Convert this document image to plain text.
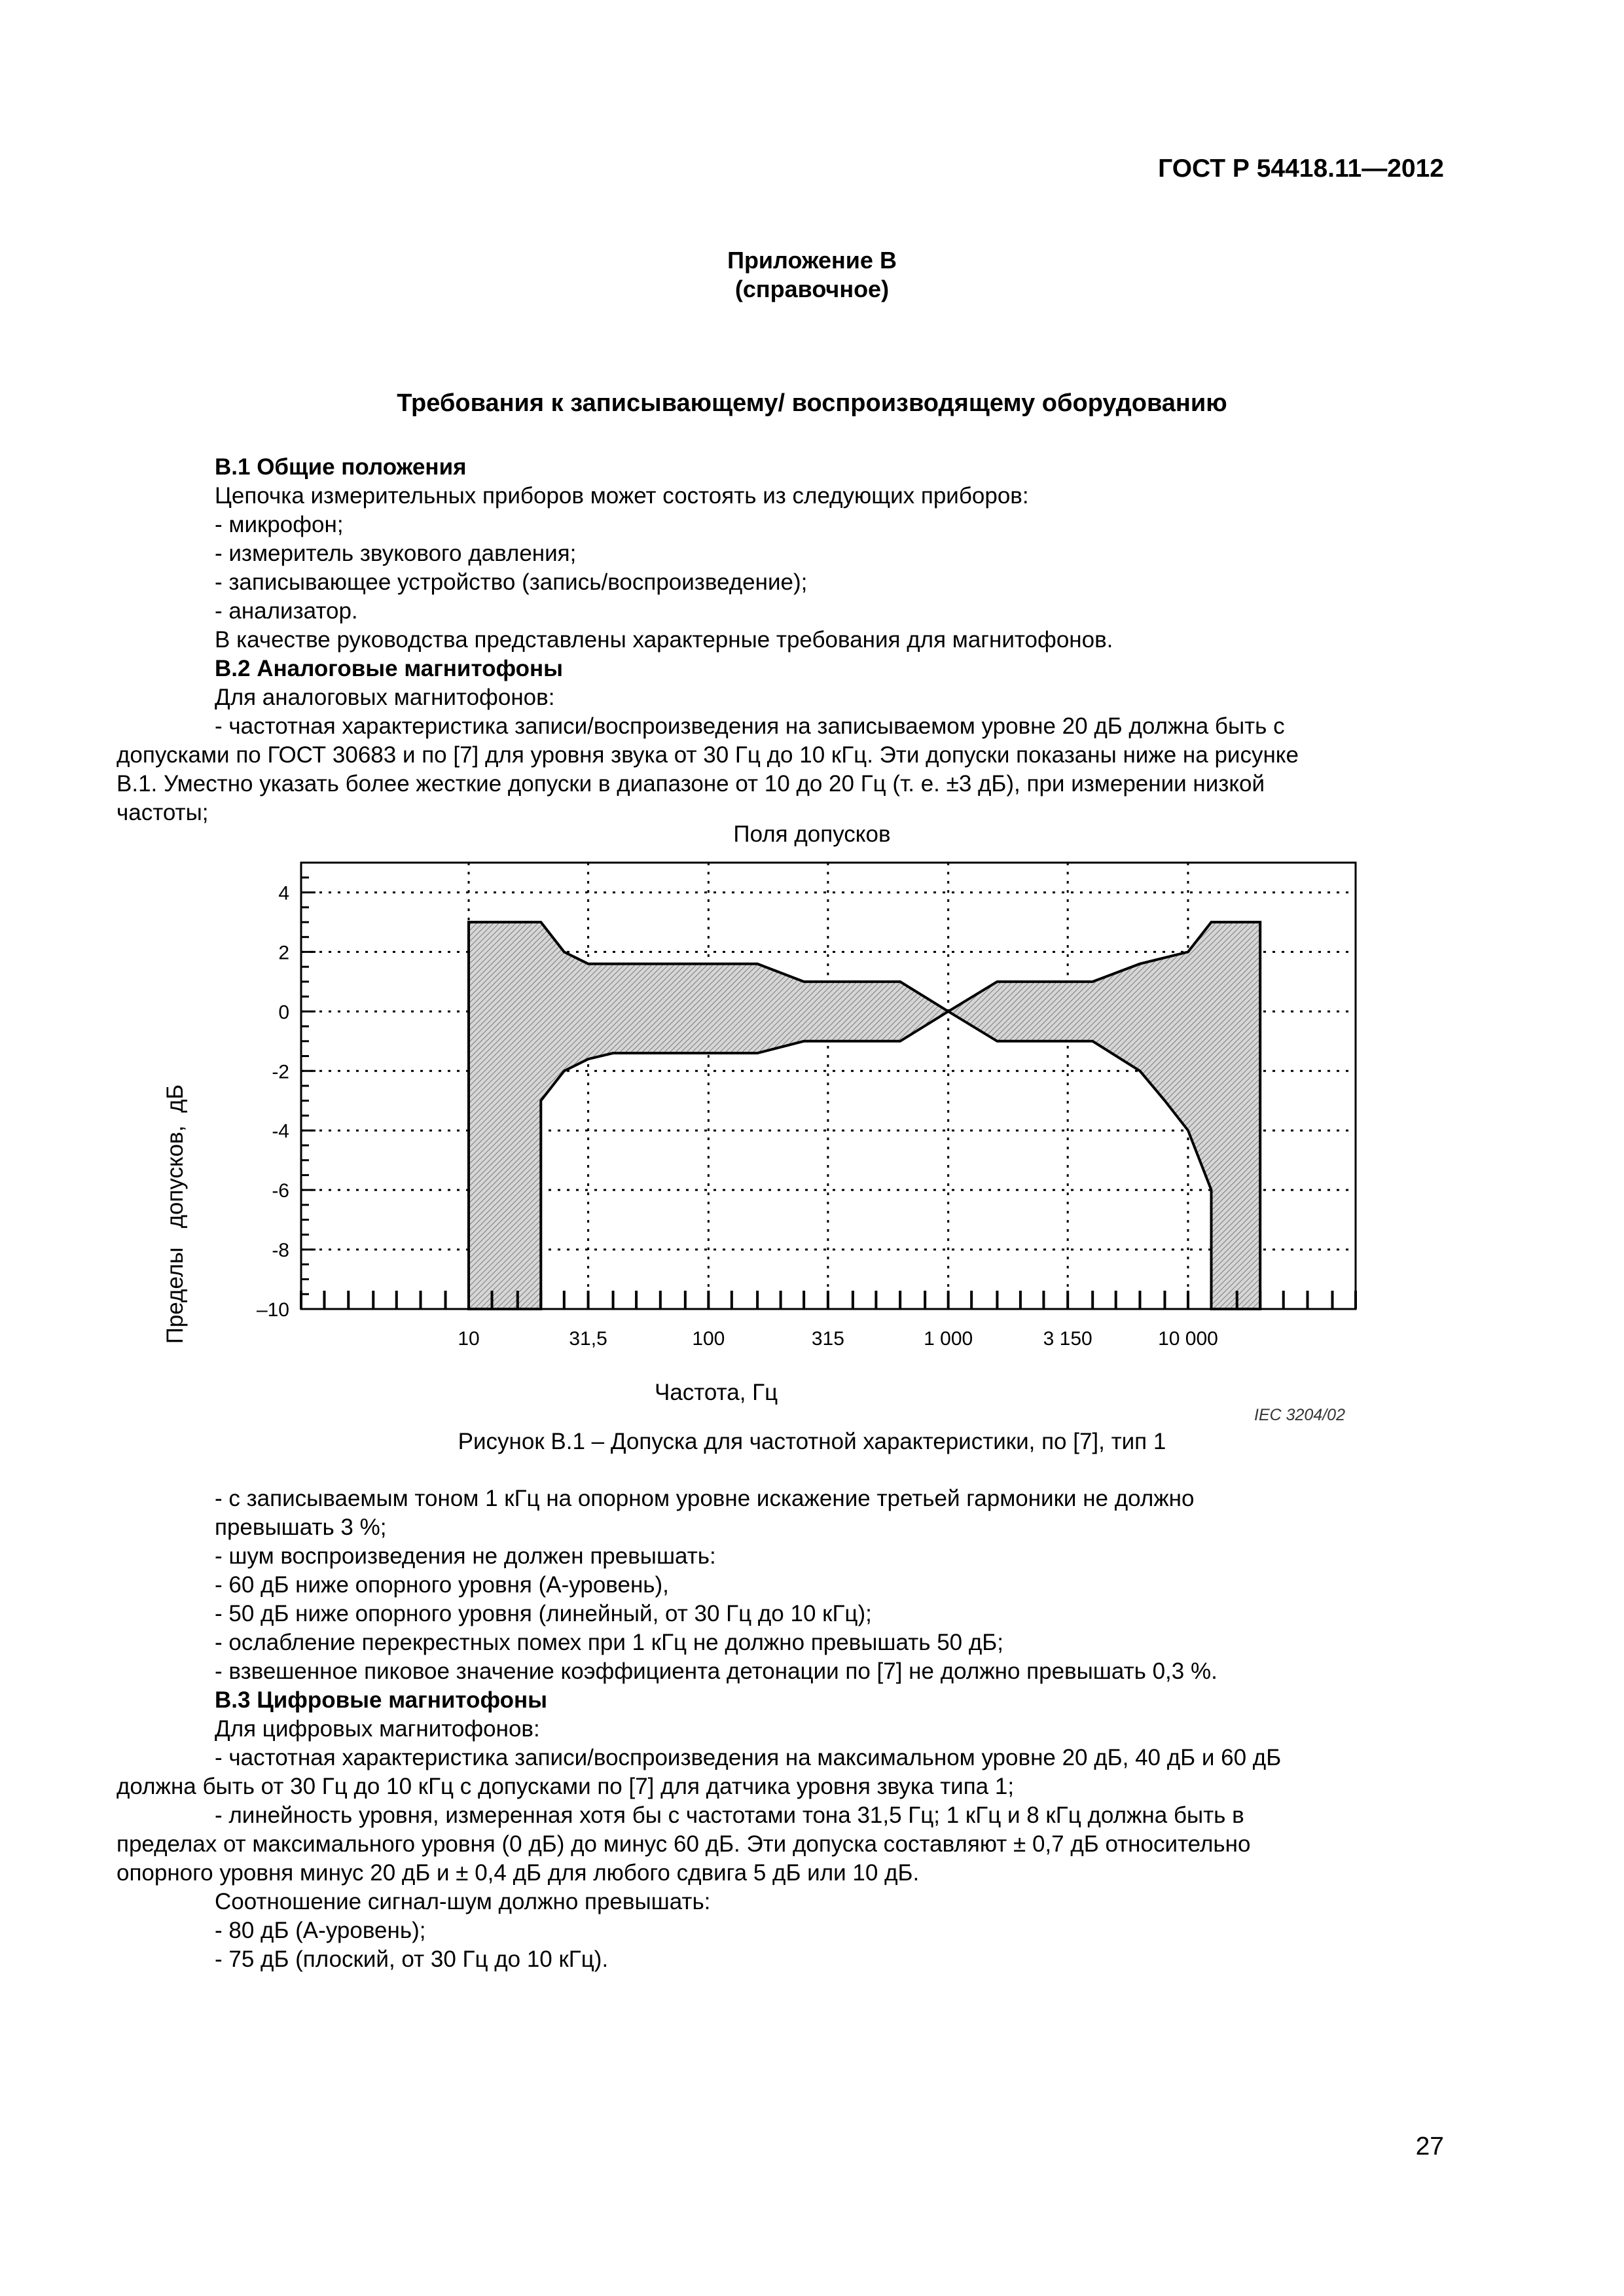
ГОСТ Р 54418.11—2012
Приложение В
(справочное)
Требования к записывающему/ воспроизводящему оборудованию

В.1 Общие положения

Цепочка измерительных приборов может состоять из следующих приборов:

- микрофон;

- измеритель звукового давления;

- записывающее устройство (запись/воспроизведение);

- анализатор.

В качестве руководства представлены характерные требования для магнитофонов.

В.2 Аналоговые магнитофоны

Для аналоговых магнитофонов:

- частотная характеристика записи/воспроизведения на записываемом уровне 20 дБ должна быть с

допусками по ГОСТ 30683 и по [7] для уровня звука от 30 Гц до 10 кГц. Эти допуски показаны ниже на рисунке

В.1. Уместно указать более жесткие допуски в диапазоне от 10 до 20 Гц (т. е. ±3 дБ), при измерении низкой

частоты;

Поля допусков
4
2
0
-2
-4
-6
-8
–10
10	31,5	100	315	1 000	3 150	10 000
Частота, Гц
IEC 3204/02
Пределы   допусков,  дБ
Рисунок В.1 – Допуска для частотной характеристики, по [7], тип 1

- с записываемым тоном 1 кГц на опорном уровне искажение третьей гармоники не должно

превышать 3 %;

- шум воспроизведения не должен превышать:

- 60 дБ ниже опорного уровня (А-уровень),

- 50 дБ ниже опорного уровня (линейный, от 30 Гц до 10 кГц);

- ослабление перекрестных помех при 1 кГц не должно превышать 50 дБ;

- взвешенное пиковое значение коэффициента детонации по [7] не должно превышать 0,3 %.

В.3 Цифровые магнитофоны

Для цифровых магнитофонов:

- частотная характеристика записи/воспроизведения на максимальном уровне 20 дБ, 40 дБ и 60 дБ

должна быть от 30 Гц до 10 кГц с допусками по [7] для датчика уровня звука типа 1;

- линейность уровня, измеренная хотя бы с частотами тона 31,5 Гц; 1 кГц и 8 кГц должна быть в

пределах от максимального уровня (0 дБ) до минус 60 дБ. Эти допуска составляют ± 0,7 дБ относительно

опорного уровня минус 20 дБ и ± 0,4 дБ для любого сдвига 5 дБ или 10 дБ.

Соотношение сигнал-шум должно превышать:

- 80 дБ (А-уровень);

- 75 дБ (плоский, от 30 Гц до 10 кГц).

27
